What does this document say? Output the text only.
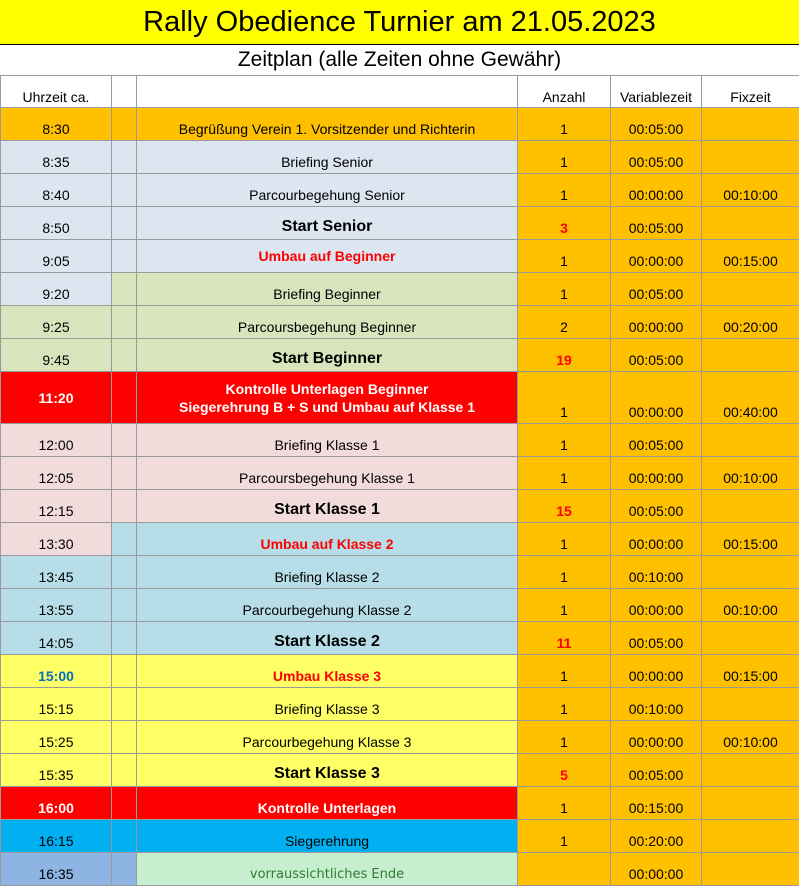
Rally Obedience Turnier am 21.05.2023
Zeitplan (alle Zeiten ohne Gewähr)
Uhrzeit ca.			Anzahl	Variablezeit	Fixzeit
8:30		Begrüßung Verein 1. Vorsitzender und Richterin	1	00:05:00	
8:35		Briefing Senior	1	00:05:00	
8:40		Parcourbegehung Senior	1	00:00:00	00:10:00
8:50		Start Senior	3	00:05:00	
9:05		Umbau auf Beginner	1	00:00:00	00:15:00
9:20		Briefing Beginner	1	00:05:00	
9:25		Parcoursbegehung Beginner	2	00:00:00	00:20:00
9:45		Start Beginner	19	00:05:00	
11:20		Kontrolle Unterlagen Beginner
Siegerehrung B + S und Umbau auf Klasse 1	1	00:00:00	00:40:00
12:00		Briefing Klasse 1	1	00:05:00	
12:05		Parcoursbegehung Klasse 1	1	00:00:00	00:10:00
12:15		Start Klasse 1	15	00:05:00	
13:30		Umbau auf Klasse 2	1	00:00:00	00:15:00
13:45		Briefing Klasse 2	1	00:10:00	
13:55		Parcourbegehung Klasse 2	1	00:00:00	00:10:00
14:05		Start Klasse 2	11	00:05:00	
15:00		Umbau Klasse 3	1	00:00:00	00:15:00
15:15		Briefing Klasse 3	1	00:10:00	
15:25		Parcourbegehung Klasse 3	1	00:00:00	00:10:00
15:35		Start Klasse 3	5	00:05:00	
16:00		Kontrolle Unterlagen	1	00:15:00	
16:15		Siegerehrung	1	00:20:00	
16:35		vorraussichtliches Ende		00:00:00	
